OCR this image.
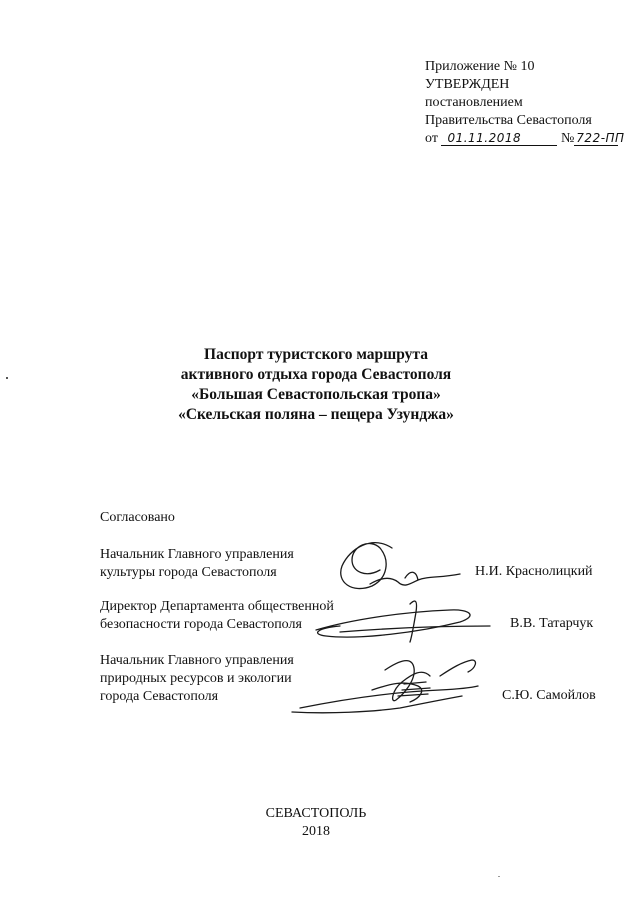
Приложение № 10
УТВЕРЖДЕН
постановлением
Правительства Севастополя
от 01.11.2018	№ 722-ПП
Паспорт туристского маршрута
активного отдыха города Севастополя
«Большая Севастопольская тропа»
«Скельская поляна – пещера Узунджа»
Согласовано
Начальник Главного управления
культуры города Севастополя	Н.И. Краснолицкий
Директор Департамента общественной
безопасности города Севастополя	В.В. Татарчук
Начальник Главного управления
природных ресурсов и экологии
города Севастополя	С.Ю. Самойлов
СЕВАСТОПОЛЬ
2018
